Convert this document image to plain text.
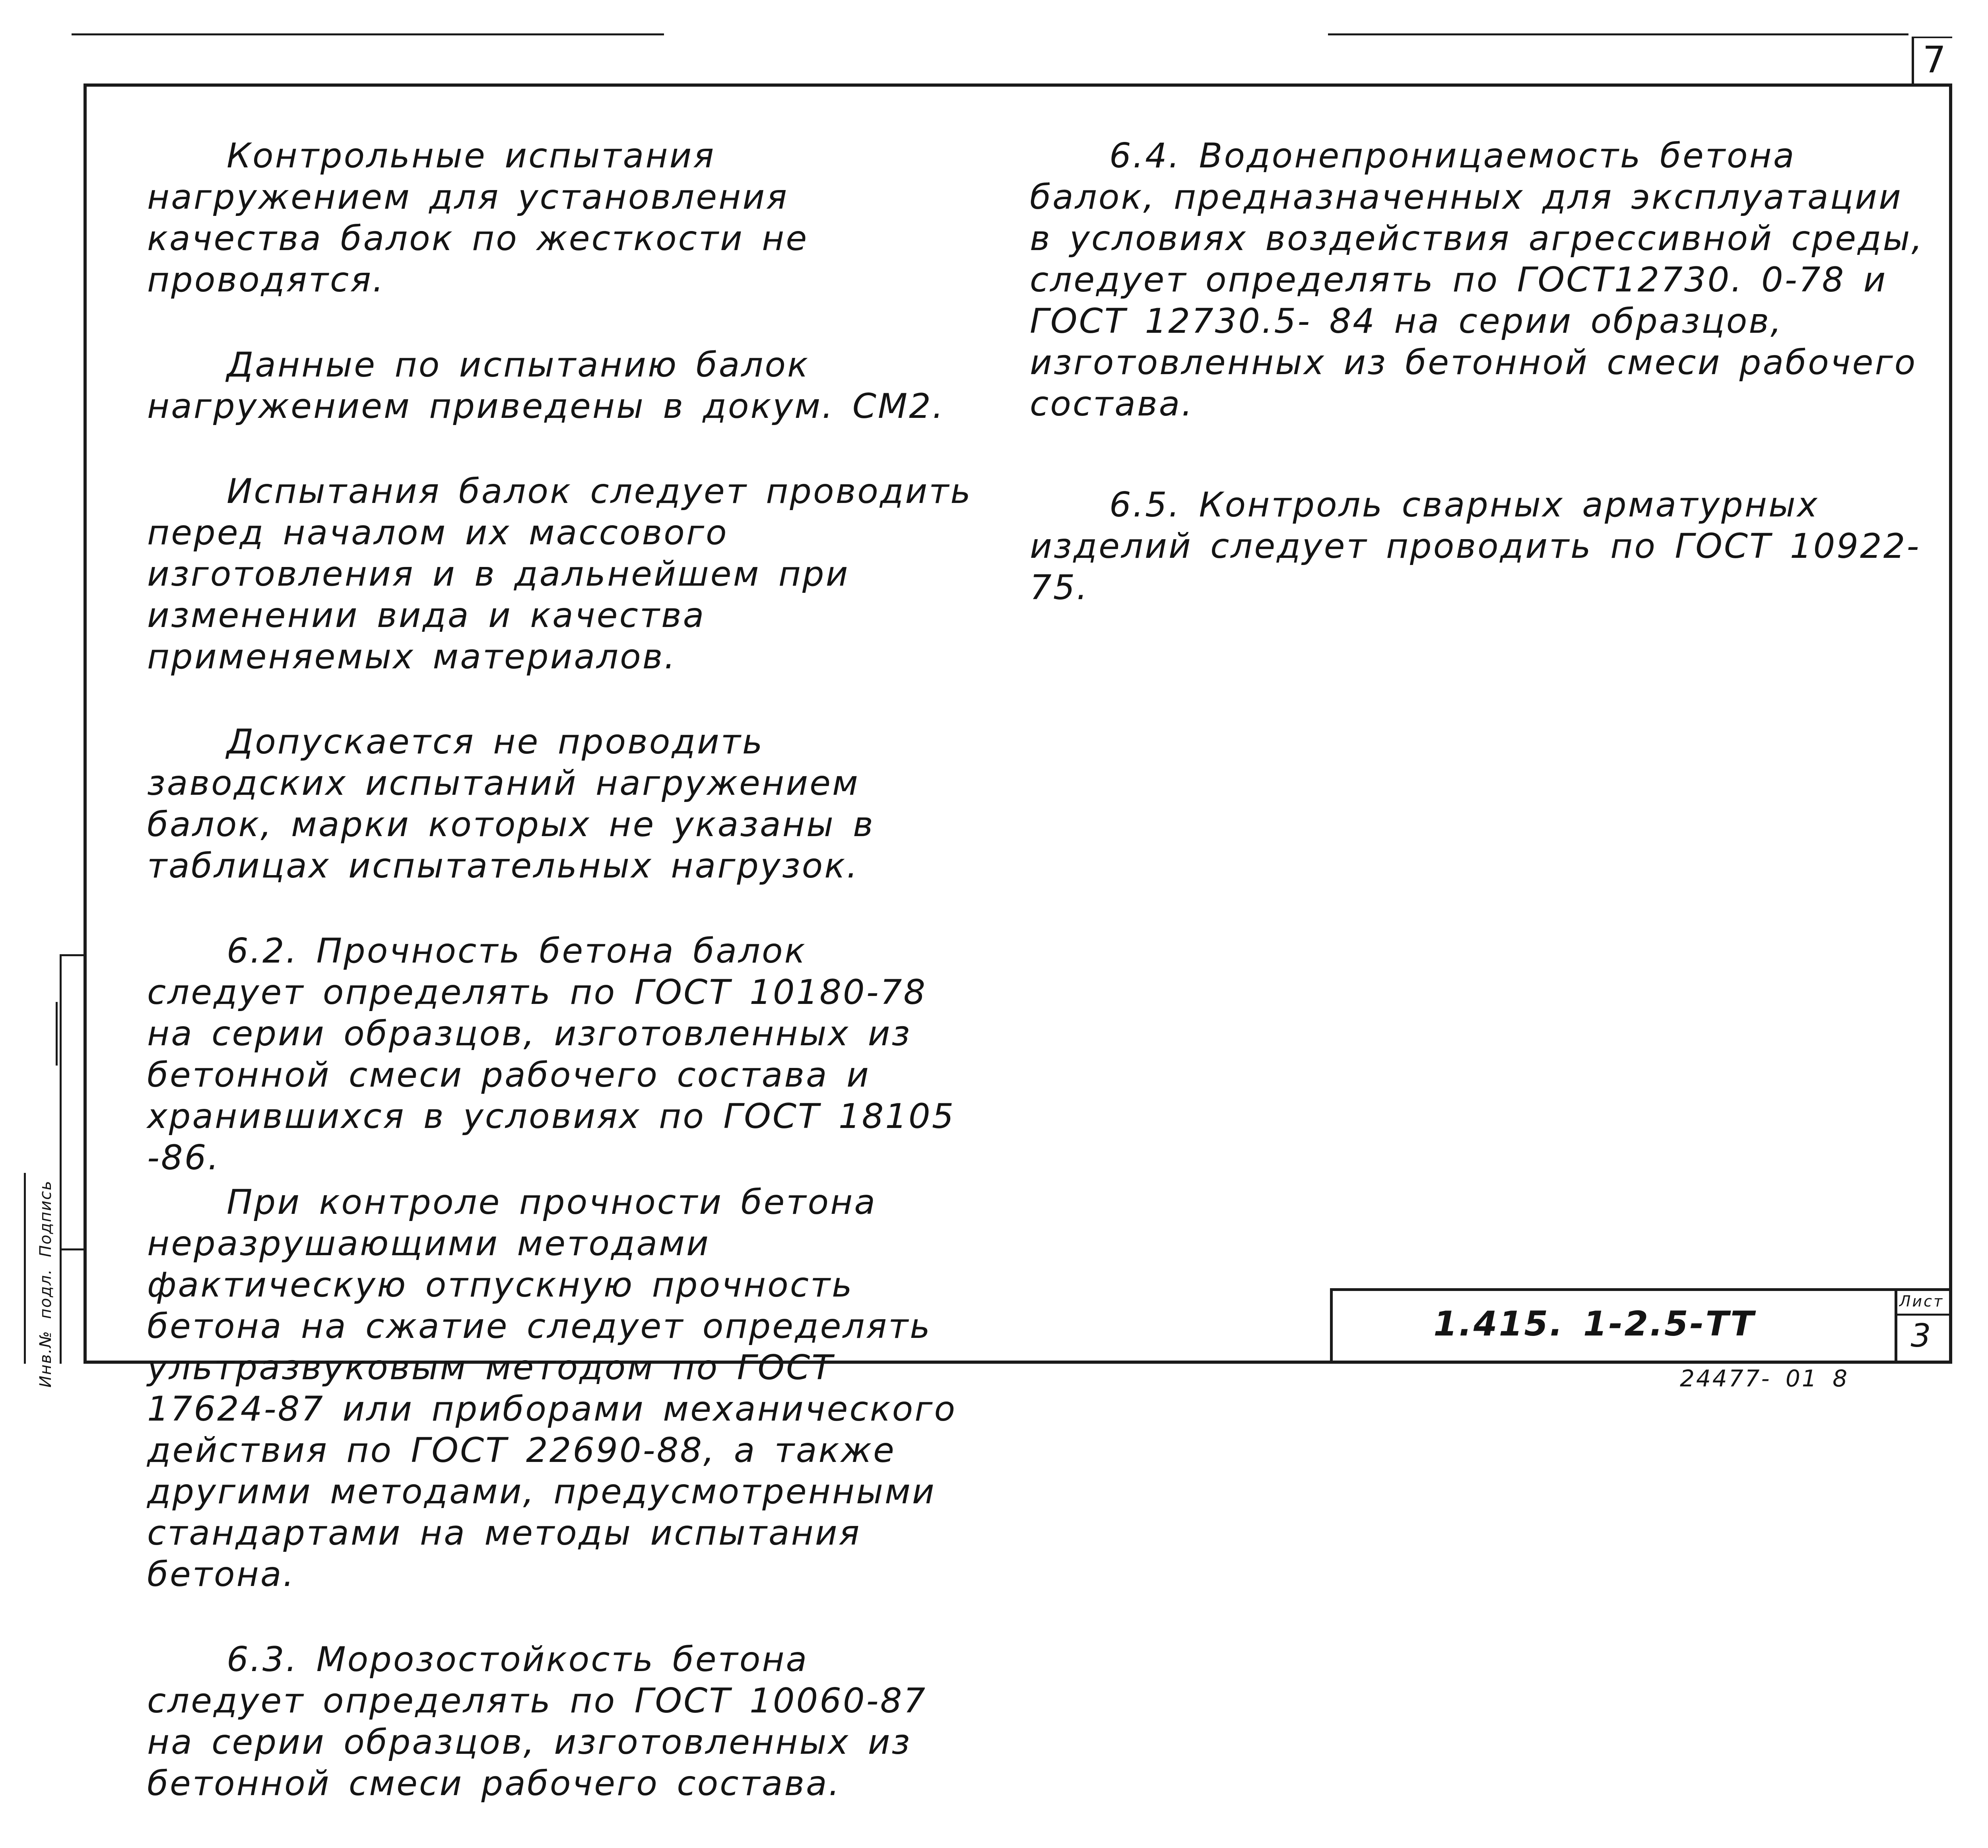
7
Инв.№ подл. Подпись

Контрольные испытания нагружением для установления качества балок по жесткости не проводятся.

Данные по испытанию балок нагружением приведены в докум. СМ2.

Испытания балок следует проводить перед началом их массового изготовления и в дальнейшем при изменении вида и качества применяемых материалов.

Допускается не проводить заводских испытаний нагружением балок, марки которых не указаны в таблицах испытательных нагрузок.

6.2. Прочность бетона балок следует определять по ГОСТ 10180-78 на серии образцов, изготовленных из бетонной смеси рабочего состава и хранившихся в условиях по ГОСТ 18105 -86.

При контроле прочности бетона неразрушающими методами фактическую отпускную прочность бетона на сжатие следует определять ультразвуковым методом по ГОСТ 17624-87 или приборами механического действия по ГОСТ 22690-88, а также другими методами, предусмотренными стандартами на методы испытания бетона.

6.3. Морозостойкость бетона следует определять по ГОСТ 10060-87 на серии образцов, изготовленных из бетонной смеси рабочего состава.

6.4. Водонепроницаемость бетона балок, предназначенных для эксплуатации в условиях воздействия агрессивной среды, следует определять по ГОСТ12730. 0-78 и ГОСТ 12730.5- 84 на серии образцов, изготовленных из бетонной смеси рабочего состава.

6.5. Контроль сварных арматурных изделий следует проводить по ГОСТ 10922-75.

1.415. 1-2.5-ТТ
Лист
3
24477- 01 8
